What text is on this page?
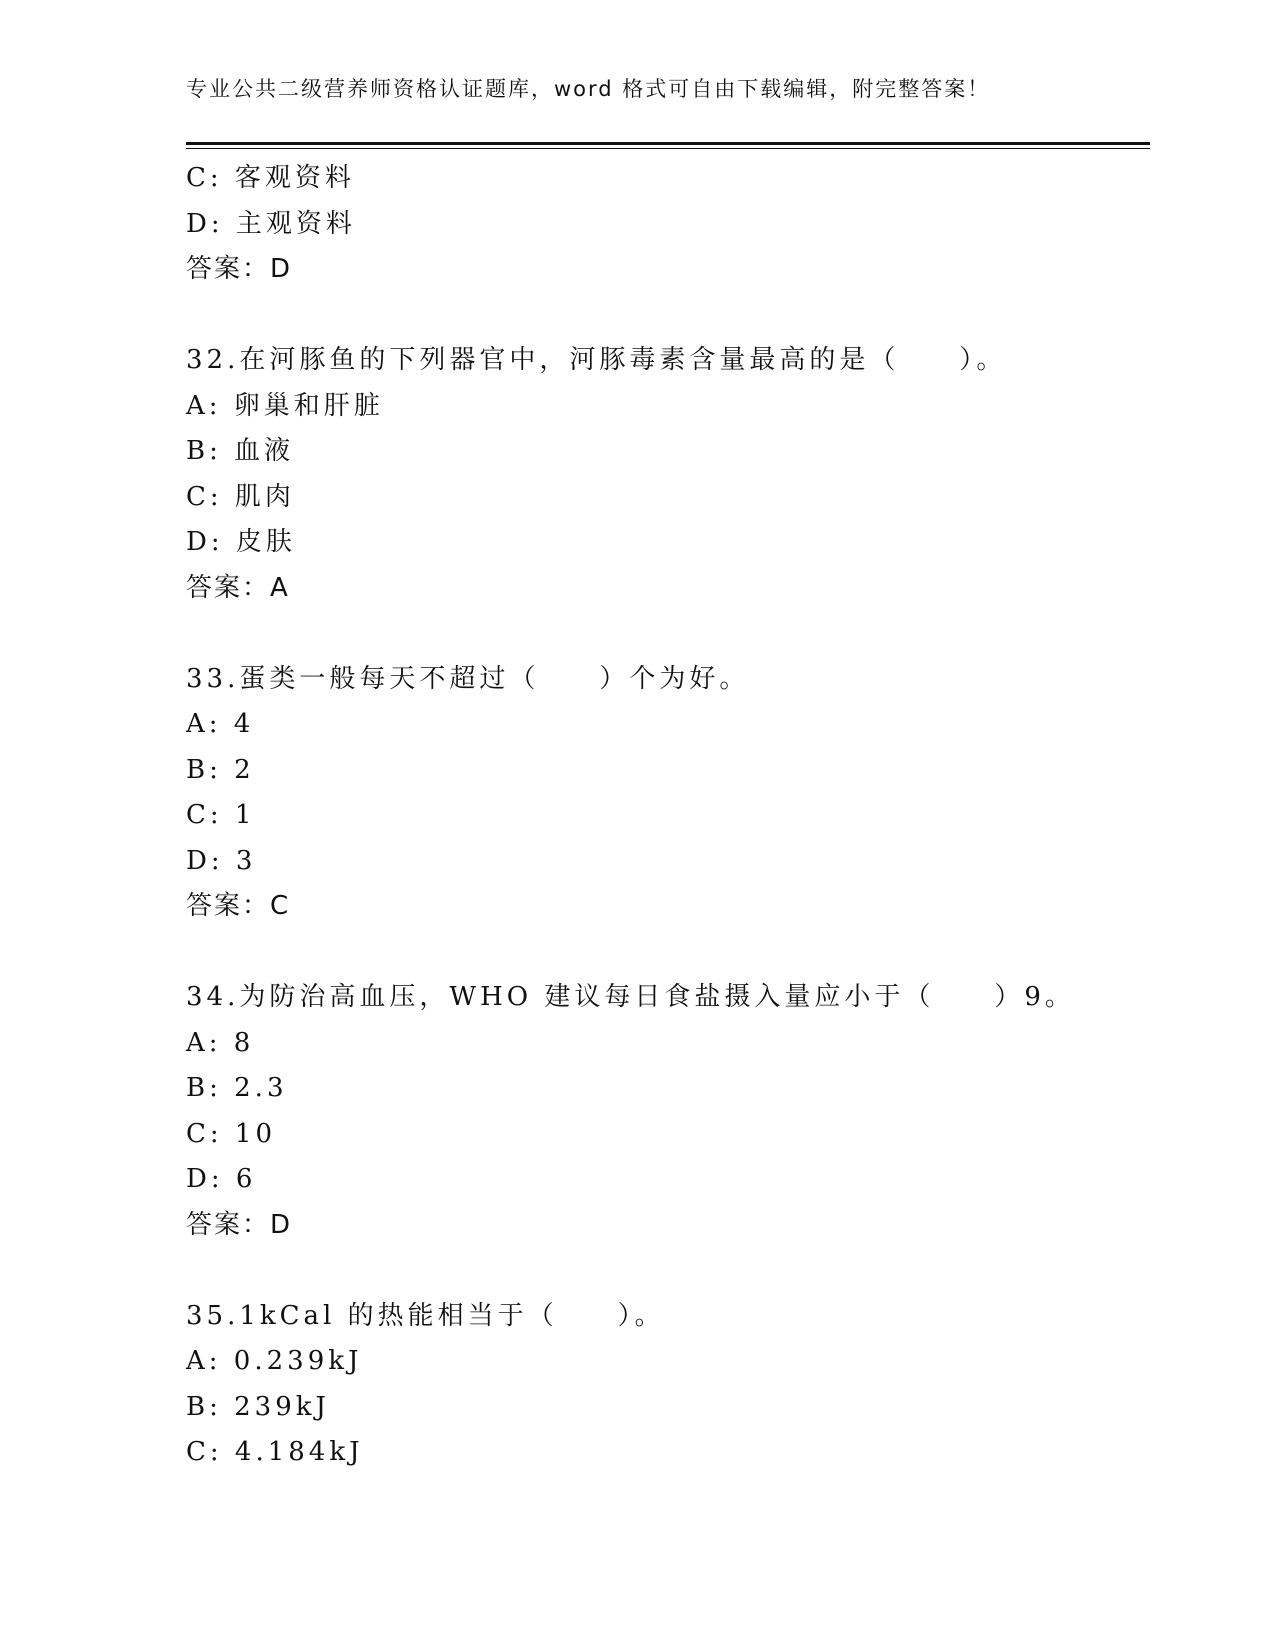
专业公共二级营养师资格认证题库，word 格式可自由下载编辑，附完整答案！
C: 客观资料
D: 主观资料
答案：D
32.在河豚鱼的下列器官中，河豚毒素含量最高的是（　　）。
A: 卵巢和肝脏
B: 血液
C: 肌肉
D: 皮肤
答案：A
33.蛋类一般每天不超过（　　）个为好。
A: 4
B: 2
C: 1
D: 3
答案：C
34.为防治高血压，WHO 建议每日食盐摄入量应小于（　　）9。
A: 8
B: 2.3
C: 10
D: 6
答案：D
35.1kCal 的热能相当于（　　）。
A: 0.239kJ
B: 239kJ
C: 4.184kJ
